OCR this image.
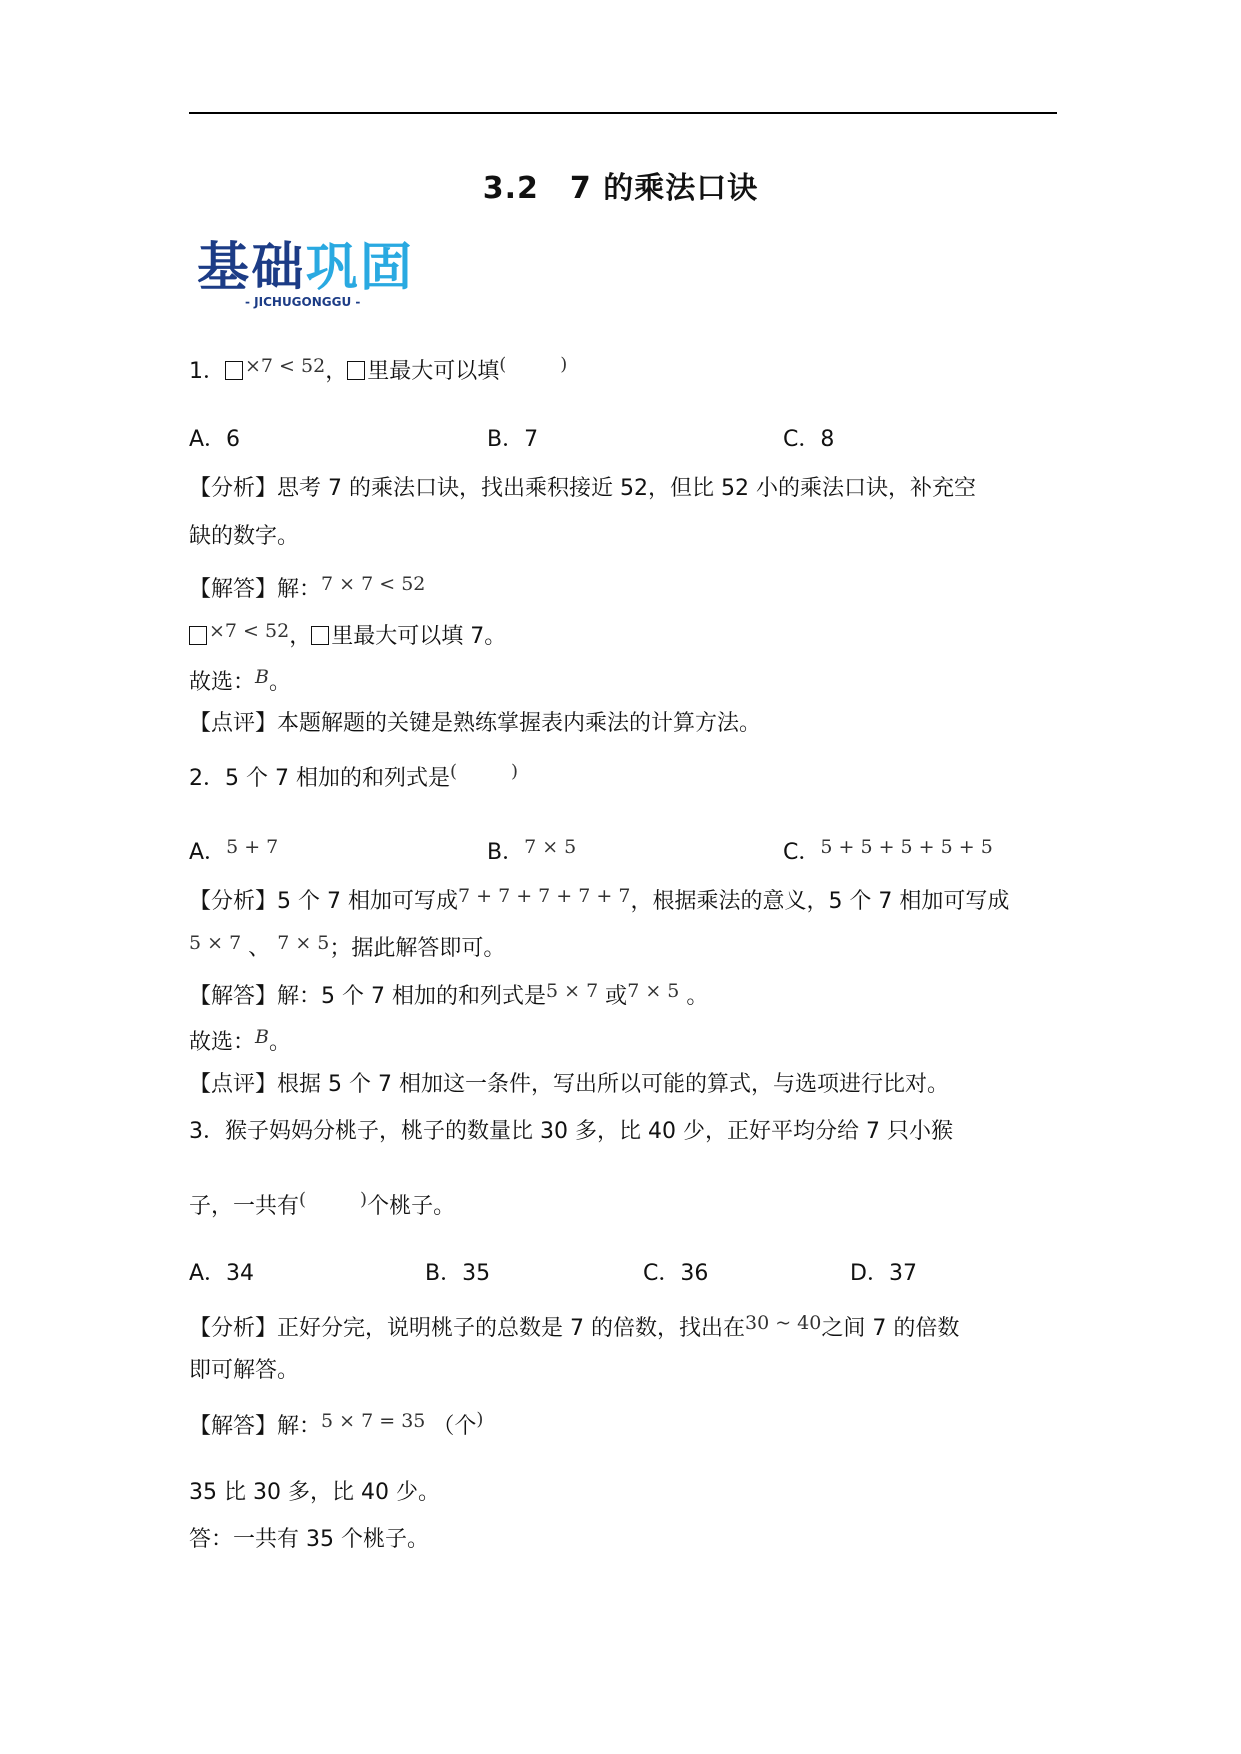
3.2　7 的乘法口诀
基础巩固
- JICHUGONGGU -
1． ×7 < 52， 里最大可以填(	)
A．6	B．7	C．8
【分析】思考 7 的乘法口诀，找出乘积接近 52，但比 52 小的乘法口诀，补充空
缺的数字。
【解答】解：7 × 7 < 52
×7 < 52， 里最大可以填 7。
故选：B。
【点评】本题解题的关键是熟练掌握表内乘法的计算方法。
2．5 个 7 相加的和列式是(	)
A．5 + 7	B．7 × 5	C．5 + 5 + 5 + 5 + 5
【分析】5 个 7 相加可写成7 + 7 + 7 + 7 + 7，根据乘法的意义，5 个 7 相加可写成
5 × 7 、 7 × 5；据此解答即可。
【解答】解：5 个 7 相加的和列式是5 × 7 或7 × 5 。
故选：B。
【点评】根据 5 个 7 相加这一条件，写出所以可能的算式，与选项进行比对。
3．猴子妈妈分桃子，桃子的数量比 30 多，比 40 少，正好平均分给 7 只小猴
子，一共有(	)个桃子。
A．34	B．35	C．36	D．37
【分析】正好分完，说明桃子的总数是 7 的倍数，找出在30 ~ 40之间 7 的倍数
即可解答。
【解答】解：5 × 7 = 35 （个)
35 比 30 多，比 40 少。
答：一共有 35 个桃子。
